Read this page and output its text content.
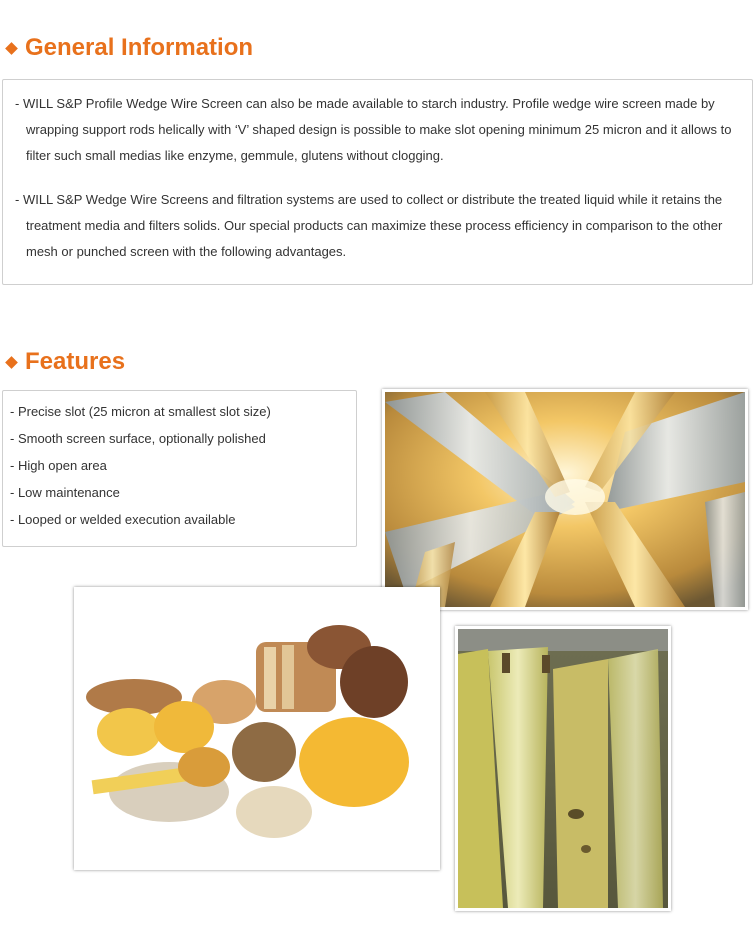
General Information

- WILL S&P Profile Wedge Wire Screen can also be made available to starch industry. Profile wedge wire screen made by wrapping support rods helically with ‘V’ shaped design is possible to make slot opening minimum 25 micron and it allows to filter such small medias like enzyme, gemmule, glutens without clogging.

- WILL S&P Wedge Wire Screens and filtration systems are used to collect or distribute the treated liquid while it retains the treatment media and filters solids. Our special products can maximize these process efficiency in comparison to the other mesh or punched screen with the following advantages.

Features
- Precise slot (25 micron at smallest slot size)
- Smooth screen surface, optionally polished
- High open area
- Low maintenance
- Looped or welded execution available
